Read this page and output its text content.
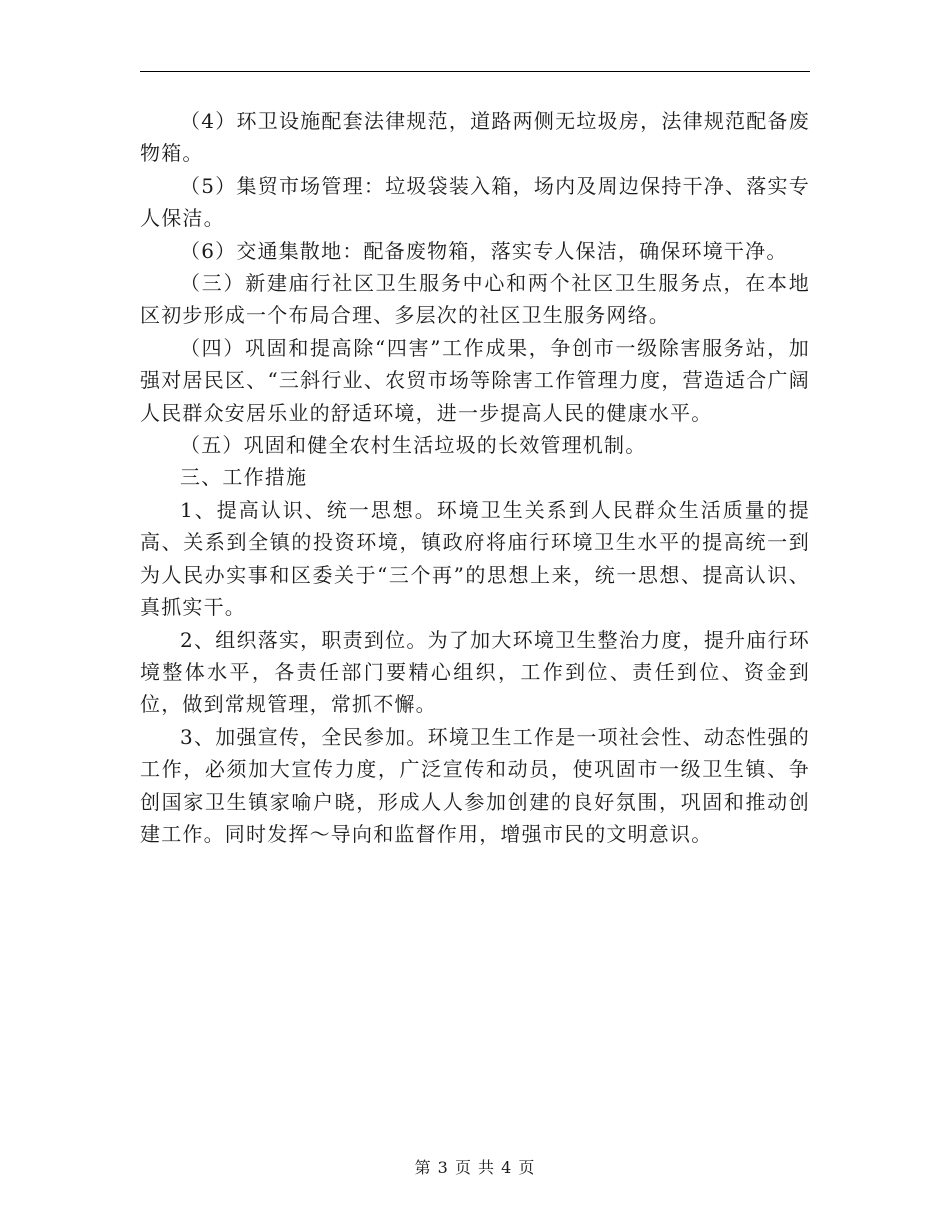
（4）环卫设施配套法律规范，道路两侧无垃圾房，法律规范配备废物箱。

（5）集贸市场管理：垃圾袋装入箱，场内及周边保持干净、落实专人保洁。

（6）交通集散地：配备废物箱，落实专人保洁，确保环境干净。

（三）新建庙行社区卫生服务中心和两个社区卫生服务点，在本地区初步形成一个布局合理、多层次的社区卫生服务网络。

（四）巩固和提高除“四害”工作成果，争创市一级除害服务站，加强对居民区、“三斜行业、农贸市场等除害工作管理力度，营造适合广阔人民群众安居乐业的舒适环境，进一步提高人民的健康水平。

（五）巩固和健全农村生活垃圾的长效管理机制。

三、工作措施

1、提高认识、统一思想。环境卫生关系到人民群众生活质量的提高、关系到全镇的投资环境，镇政府将庙行环境卫生水平的提高统一到为人民办实事和区委关于“三个再”的思想上来，统一思想、提高认识、真抓实干。

2、组织落实，职责到位。为了加大环境卫生整治力度，提升庙行环境整体水平，各责任部门要精心组织，工作到位、责任到位、资金到位，做到常规管理，常抓不懈。

3、加强宣传，全民参加。环境卫生工作是一项社会性、动态性强的工作，必须加大宣传力度，广泛宣传和动员，使巩固市一级卫生镇、争创国家卫生镇家喻户晓，形成人人参加创建的良好氛围，巩固和推动创建工作。同时发挥～导向和监督作用，增强市民的文明意识。

第 3 页 共 4 页
